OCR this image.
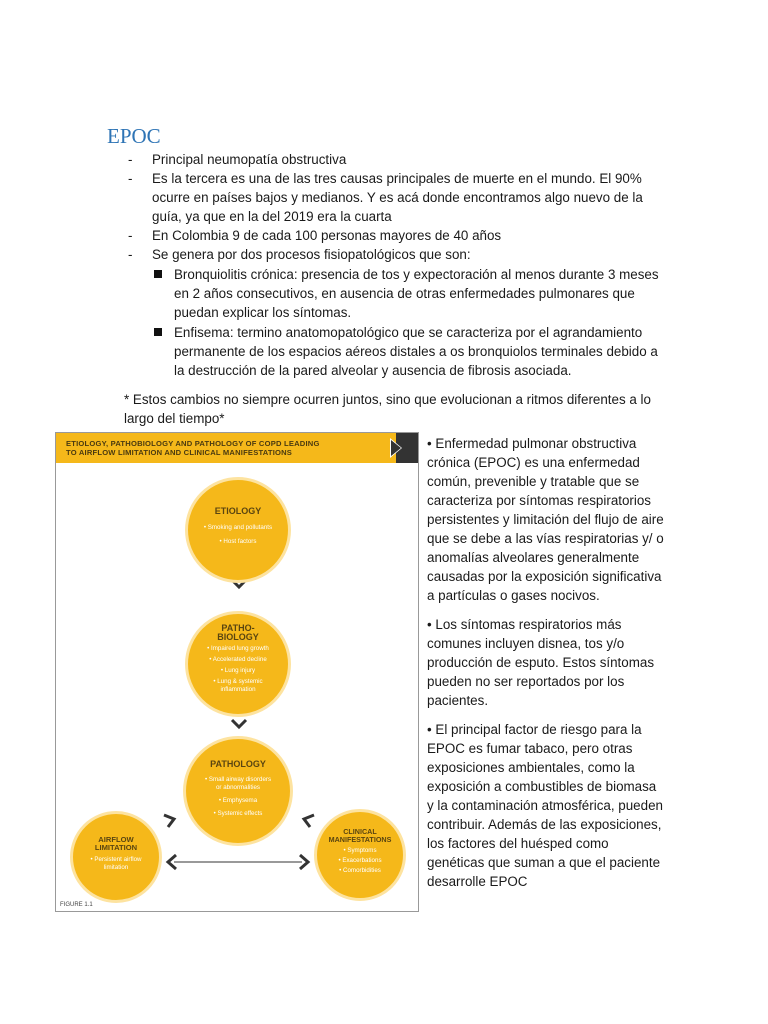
EPOC
-	Principal neumopatía obstructiva
-	Es la tercera es una de las tres causas principales de muerte en el mundo. El 90% ocurre en países bajos y medianos. Y es acá donde encontramos algo nuevo de la guía, ya que en la del 2019 era la cuarta
-	En Colombia 9 de cada 100 personas mayores de 40 años
-	Se genera por dos procesos fisiopatológicos que son:
Bronquiolitis crónica: presencia de tos y expectoración al menos durante 3 meses en 2 años consecutivos, en ausencia de otras enfermedades pulmonares que puedan explicar los síntomas.
Enfisema: termino anatomopatológico que se caracteriza por el agrandamiento permanente de los espacios aéreos distales a os bronquiolos terminales debido a la destrucción de la pared alveolar y ausencia de fibrosis asociada.
* Estos cambios no siempre ocurren juntos, sino que evolucionan a ritmos diferentes a lo largo del tiempo*
ETIOLOGY, PATHOBIOLOGY AND PATHOLOGY OF COPD LEADING
TO AIRFLOW LIMITATION AND CLINICAL MANIFESTATIONS
ETIOLOGY
• Smoking and pollutants
• Host factors
PATHO-
BIOLOGY
• Impaired lung growth
• Accelerated decline
• Lung injury
• Lung & systemic
inflammation
PATHOLOGY
• Small airway disorders
or abnormalities
• Emphysema
• Systemic effects
AIRFLOW
LIMITATION
• Persistent airflow
limitation
CLINICAL
MANIFESTATIONS
• Symptoms
• Exacerbations
• Comorbidities
FIGURE 1.1

• Enfermedad pulmonar obstructiva crónica (EPOC) es una enfermedad común, prevenible y tratable que se caracteriza por síntomas respiratorios persistentes y limitación del flujo de aire que se debe a las vías respiratorias y/ o anomalías alveolares generalmente causadas por la exposición significativa a partículas o gases nocivos.

• Los síntomas respiratorios más comunes incluyen disnea, tos y/o producción de esputo. Estos síntomas pueden no ser reportados por los pacientes.

• El principal factor de riesgo para la EPOC es fumar tabaco, pero otras exposiciones ambientales, como la exposición a combustibles de biomasa y la contaminación atmosférica, pueden contribuir. Además de las exposiciones, los factores del huésped como genéticas que suman a que el paciente desarrolle EPOC
